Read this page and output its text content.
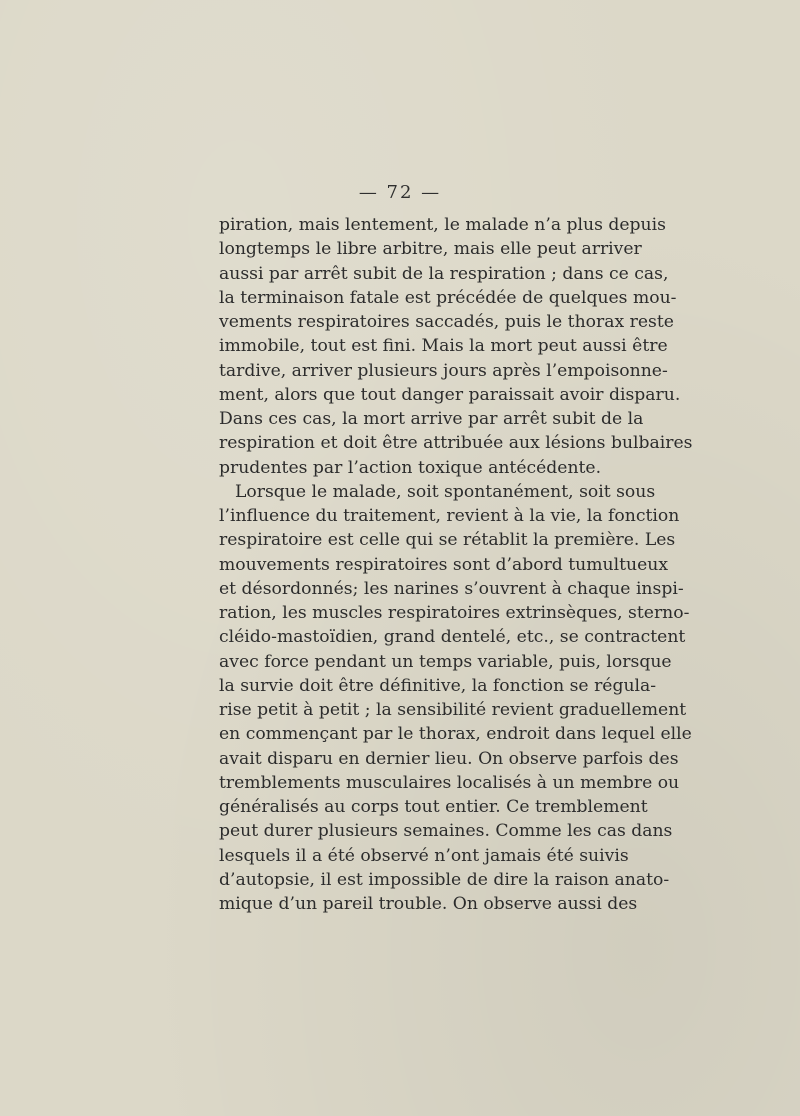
— 72 —
piration, mais lentement, le malade n’a plus depuis
longtemps le libre arbitre, mais elle peut arriver
aussi par arrêt subit de la respiration ; dans ce cas,
la terminaison fatale est précédée de quelques mou-
vements respiratoires saccadés, puis le thorax reste
immobile, tout est fini. Mais la mort peut aussi être
tardive, arriver plusieurs jours après l’empoisonne-
ment, alors que tout danger paraissait avoir disparu.
Dans ces cas, la mort arrive par arrêt subit de la
respiration et doit être attribuée aux lésions bulbaires
prudentes par l’action toxique antécédente.
Lorsque le malade, soit spontanément, soit sous
l’influence du traitement, revient à la vie, la fonction
respiratoire est celle qui se rétablit la première. Les
mouvements respiratoires sont d’abord tumultueux
et désordonnés; les narines s’ouvrent à chaque inspi-
ration, les muscles respiratoires extrinsèques, sterno-
cléido-mastoïdien, grand dentelé, etc., se contractent
avec force pendant un temps variable, puis, lorsque
la survie doit être définitive, la fonction se régula-
rise petit à petit ; la sensibilité revient graduellement
en commençant par le thorax, endroit dans lequel elle
avait disparu en dernier lieu. On observe parfois des
tremblements musculaires localisés à un membre ou
généralisés au corps tout entier. Ce tremblement
peut durer plusieurs semaines. Comme les cas dans
lesquels il a été observé n’ont jamais été suivis
d’autopsie, il est impossible de dire la raison anato-
mique d’un pareil trouble. On observe aussi des
